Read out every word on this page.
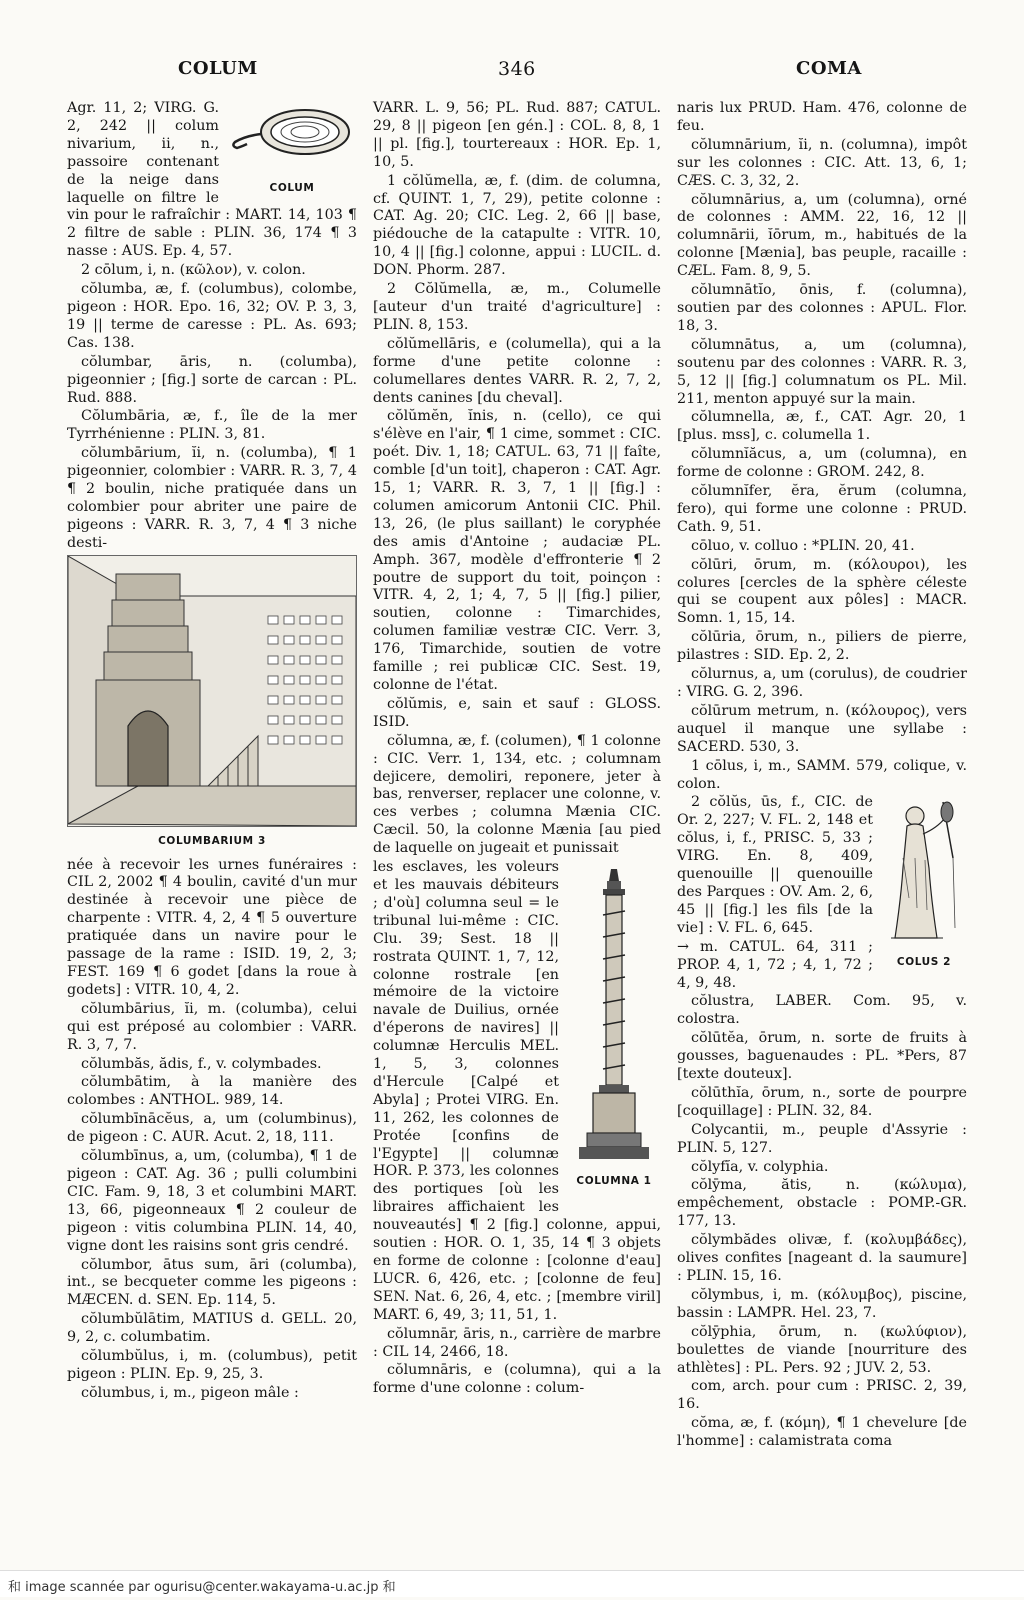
COLUM	346	COMA
COLUM

Agr. 11, 2; VIRG. G. 2, 242 || colum nivarium, ii, n., passoire contenant de la neige dans laquelle on filtre le vin pour le rafraîchir : MART. 14, 103 ¶ 2 filtre de sable : PLIN. 36, 174 ¶ 3 nasse : AUS. Ep. 4, 57.

2 cōlum, i, n. (κῶλον), v. colon.

cŏlumba, æ, f. (columbus), colombe, pigeon : HOR. Epo. 16, 32; OV. P. 3, 3, 19 || terme de caresse : PL. As. 693; Cas. 138.

cŏlumbar, āris, n. (columba), pigeonnier ; [fig.] sorte de carcan : PL. Rud. 888.

Cŏlumbāria, æ, f., île de la mer Tyrrhénienne : PLIN. 3, 81.

cŏlumbārium, ĭi, n. (columba), ¶ 1 pigeonnier, colombier : VARR. R. 3, 7, 4 ¶ 2 boulin, niche pratiquée dans un colombier pour abriter une paire de pigeons : VARR. R. 3, 7, 4 ¶ 3 niche desti-

COLUMBARIUM 3

née à recevoir les urnes funéraires : CIL 2, 2002 ¶ 4 boulin, cavité d'un mur destinée à recevoir une pièce de charpente : VITR. 4, 2, 4 ¶ 5 ouverture pratiquée dans un navire pour le passage de la rame : ISID. 19, 2, 3; FEST. 169 ¶ 6 godet [dans la roue à godets] : VITR. 10, 4, 2.

cŏlumbārius, ĭi, m. (columba), celui qui est préposé au colombier : VARR. R. 3, 7, 7.

cŏlumbăs, ădis, f., v. colymbades.

cŏlumbātim, à la manière des colombes : ANTHOL. 989, 14.

cŏlumbīnācĕus, a, um (columbinus), de pigeon : C. AUR. Acut. 2, 18, 111.

cŏlumbīnus, a, um, (columba), ¶ 1 de pigeon : CAT. Ag. 36 ; pulli columbini CIC. Fam. 9, 18, 3 et columbini MART. 13, 66, pigeonneaux ¶ 2 couleur de pigeon : vitis columbina PLIN. 14, 40, vigne dont les raisins sont gris cendré.

cŏlumbor, ātus sum, āri (columba), int., se becqueter comme les pigeons : MÆCEN. d. SEN. Ep. 114, 5.

cŏlumbŭlātim, MATIUS d. GELL. 20, 9, 2, c. columbatim.

cŏlumbŭlus, i, m. (columbus), petit pigeon : PLIN. Ep. 9, 25, 3.

cŏlumbus, i, m., pigeon mâle :

VARR. L. 9, 56; PL. Rud. 887; CATUL. 29, 8 || pigeon [en gén.] : COL. 8, 8, 1 || pl. [fig.], tourtereaux : HOR. Ep. 1, 10, 5.

1 cŏlŭmella, æ, f. (dim. de columna, cf. QUINT. 1, 7, 29), petite colonne : CAT. Ag. 20; CIC. Leg. 2, 66 || base, piédouche de la catapulte : VITR. 10, 10, 4 || [fig.] colonne, appui : LUCIL. d. DON. Phorm. 287.

2 Cŏlŭmella, æ, m., Columelle [auteur d'un traité d'agriculture] : PLIN. 8, 153.

cŏlŭmellāris, e (columella), qui a la forme d'une petite colonne : columellares dentes VARR. R. 2, 7, 2, dents canines [du cheval].

cŏlŭmĕn, ĭnis, n. (cello), ce qui s'élève en l'air, ¶ 1 cime, sommet : CIC. poét. Div. 1, 18; CATUL. 63, 71 || faîte, comble [d'un toit], chaperon : CAT. Agr. 15, 1; VARR. R. 3, 7, 1 || [fig.] : columen amicorum Antonii CIC. Phil. 13, 26, (le plus saillant) le coryphée des amis d'Antoine ; audaciæ PL. Amph. 367, modèle d'effronterie ¶ 2 poutre de support du toit, poinçon : VITR. 4, 2, 1; 4, 7, 5 || [fig.] pilier, soutien, colonne : Timarchides, columen familiæ vestræ CIC. Verr. 3, 176, Timarchide, soutien de votre famille ; rei publicæ CIC. Sest. 19, colonne de l'état.

cŏlŭmis, e, sain et sauf : GLOSS. ISID.

cŏlumna, æ, f. (columen), ¶ 1 colonne : CIC. Verr. 1, 134, etc. ; columnam dejicere, demoliri, reponere, jeter à bas, renverser, replacer une colonne, v. ces verbes ; columna Mænia CIC. Cæcil. 50, la colonne Mænia [au pied de laquelle on jugeait et punissait

COLUMNA 1

les esclaves, les voleurs et les mauvais débiteurs ; d'où] columna seul = le tribunal lui-même : CIC. Clu. 39; Sest. 18 || rostrata QUINT. 1, 7, 12, colonne rostrale [en mémoire de la victoire navale de Duilius, ornée d'éperons de navires] || columnæ Herculis MEL. 1, 5, 3, colonnes d'Hercule [Calpé et Abyla] ; Protei VIRG. En. 11, 262, les colonnes de Protée [confins de l'Egypte] || columnæ HOR. P. 373, les colonnes des portiques [où les libraires affichaient les nouveautés] ¶ 2 [fig.] colonne, appui, soutien : HOR. O. 1, 35, 14 ¶ 3 objets en forme de colonne : [colonne d'eau] LUCR. 6, 426, etc. ; [colonne de feu] SEN. Nat. 6, 26, 4, etc. ; [membre viril] MART. 6, 49, 3; 11, 51, 1.

cŏlumnār, āris, n., carrière de marbre : CIL 14, 2466, 18.

cŏlumnāris, e (columna), qui a la forme d'une colonne : colum-

naris lux PRUD. Ham. 476, colonne de feu.

cŏlumnārium, ĭi, n. (columna), impôt sur les colonnes : CIC. Att. 13, 6, 1; CÆS. C. 3, 32, 2.

cŏlumnārius, a, um (columna), orné de colonnes : AMM. 22, 16, 12 || columnārii, ĭōrum, m., habitués de la colonne [Mænia], bas peuple, racaille : CÆL. Fam. 8, 9, 5.

cŏlumnātĭo, ōnis, f. (columna), soutien par des colonnes : APUL. Flor. 18, 3.

cŏlumnātus, a, um (columna), soutenu par des colonnes : VARR. R. 3, 5, 12 || [fig.] columnatum os PL. Mil. 211, menton appuyé sur la main.

cŏlumnella, æ, f., CAT. Agr. 20, 1 [plus. mss], c. columella 1.

cŏlumnĭăcus, a, um (columna), en forme de colonne : GROM. 242, 8.

cŏlumnĭfer, ĕra, ĕrum (columna, fero), qui forme une colonne : PRUD. Cath. 9, 51.

cōluo, v. colluo : *PLIN. 20, 41.

cŏlūri, ōrum, m. (κόλουροι), les colures [cercles de la sphère céleste qui se coupent aux pôles] : MACR. Somn. 1, 15, 14.

cŏlūria, ōrum, n., piliers de pierre, pilastres : SID. Ep. 2, 2.

cŏlurnus, a, um (corulus), de coudrier : VIRG. G. 2, 396.

cŏlūrum metrum, n. (κόλουρος), vers auquel il manque une syllabe : SACERD. 530, 3.

1 cōlus, i, m., SAMM. 579, colique, v. colon.

COLUS 2

2 cŏlŭs, ūs, f., CIC. de Or. 2, 227; V. FL. 2, 148 et cŏlus, i, f., PRISC. 5, 33 ; VIRG. En. 8, 409, quenouille || quenouille des Parques : OV. Am. 2, 6, 45 || [fig.] les fils [de la vie] : V. FL. 6, 645.

→ m. CATUL. 64, 311 ; PROP. 4, 1, 72 ; 4, 1, 72 ; 4, 9, 48.

cŏlustra, LABER. Com. 95, v. colostra.

cŏlūtĕa, ōrum, n. sorte de fruits à gousses, baguenaudes : PL. *Pers, 87 [texte douteux].

cŏlūthĭa, ōrum, n., sorte de pourpre [coquillage] : PLIN. 32, 84.

Colycantii, m., peuple d'Assyrie : PLIN. 5, 127.

cŏlyfĭa, v. colyphia.

cŏlȳma, ătis, n. (κώλυμα), empêchement, obstacle : POMP.-GR. 177, 13.

cŏlymbădes olivæ, f. (κολυμβάδες), olives confites [nageant d. la saumure] : PLIN. 15, 16.

cŏlymbus, i, m. (κόλυμβος), piscine, bassin : LAMPR. Hel. 23, 7.

cŏlȳphia, ōrum, n. (κωλύφιον), boulettes de viande [nourriture des athlètes] : PL. Pers. 92 ; JUV. 2, 53.

com, arch. pour cum : PRISC. 2, 39, 16.

cŏma, æ, f. (κόμη), ¶ 1 chevelure [de l'homme] : calamistrata coma

和 image scannée par ogurisu@center.wakayama-u.ac.jp 和
